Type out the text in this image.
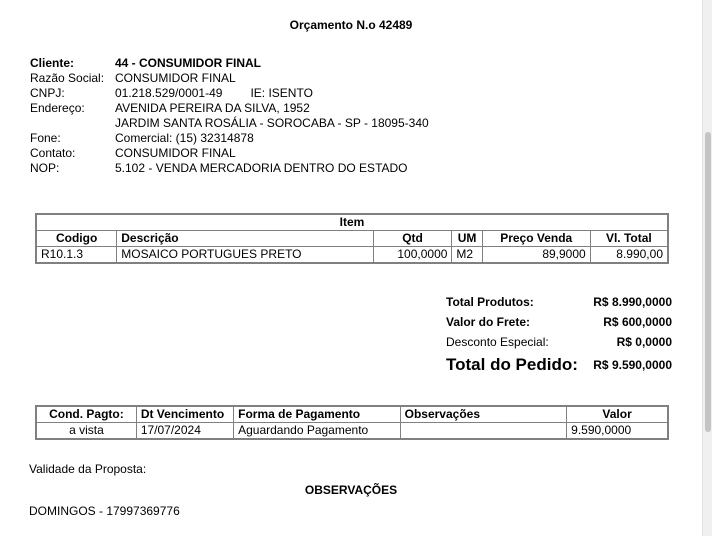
Orçamento N.o 42489
Cliente:	44 - CONSUMIDOR FINAL
Razão Social: CONSUMIDOR FINAL
CNPJ:	01.218.529/0001-49 IE: ISENTO
Endereço:	AVENIDA PEREIRA DA SILVA, 1952
JARDIM SANTA ROSÁLIA - SOROCABA - SP - 18095-340
Fone:	Comercial: (15) 32314878
Contato:	CONSUMIDOR FINAL
NOP:	5.102 - VENDA MERCADORIA DENTRO DO ESTADO
Item					
Codigo	Descrição	Qtd	UM	Preço Venda	Vl. Total
R10.1.3	MOSAICO PORTUGUES PRETO	100,0000	M2	89,9000	8.990,00
Total Produtos:	R$ 8.990,0000
Valor do Frete:	R$ 600,0000
Desconto Especial:	R$ 0,0000
Total do Pedido: R$ 9.590,0000
Cond. Pagto:	Dt Vencimento	Forma de Pagamento	Observações	Valor
a vista	17/07/2024	Aguardando Pagamento		9.590,0000
Validade da Proposta:
OBSERVAÇÕES
DOMINGOS - 17997369776
